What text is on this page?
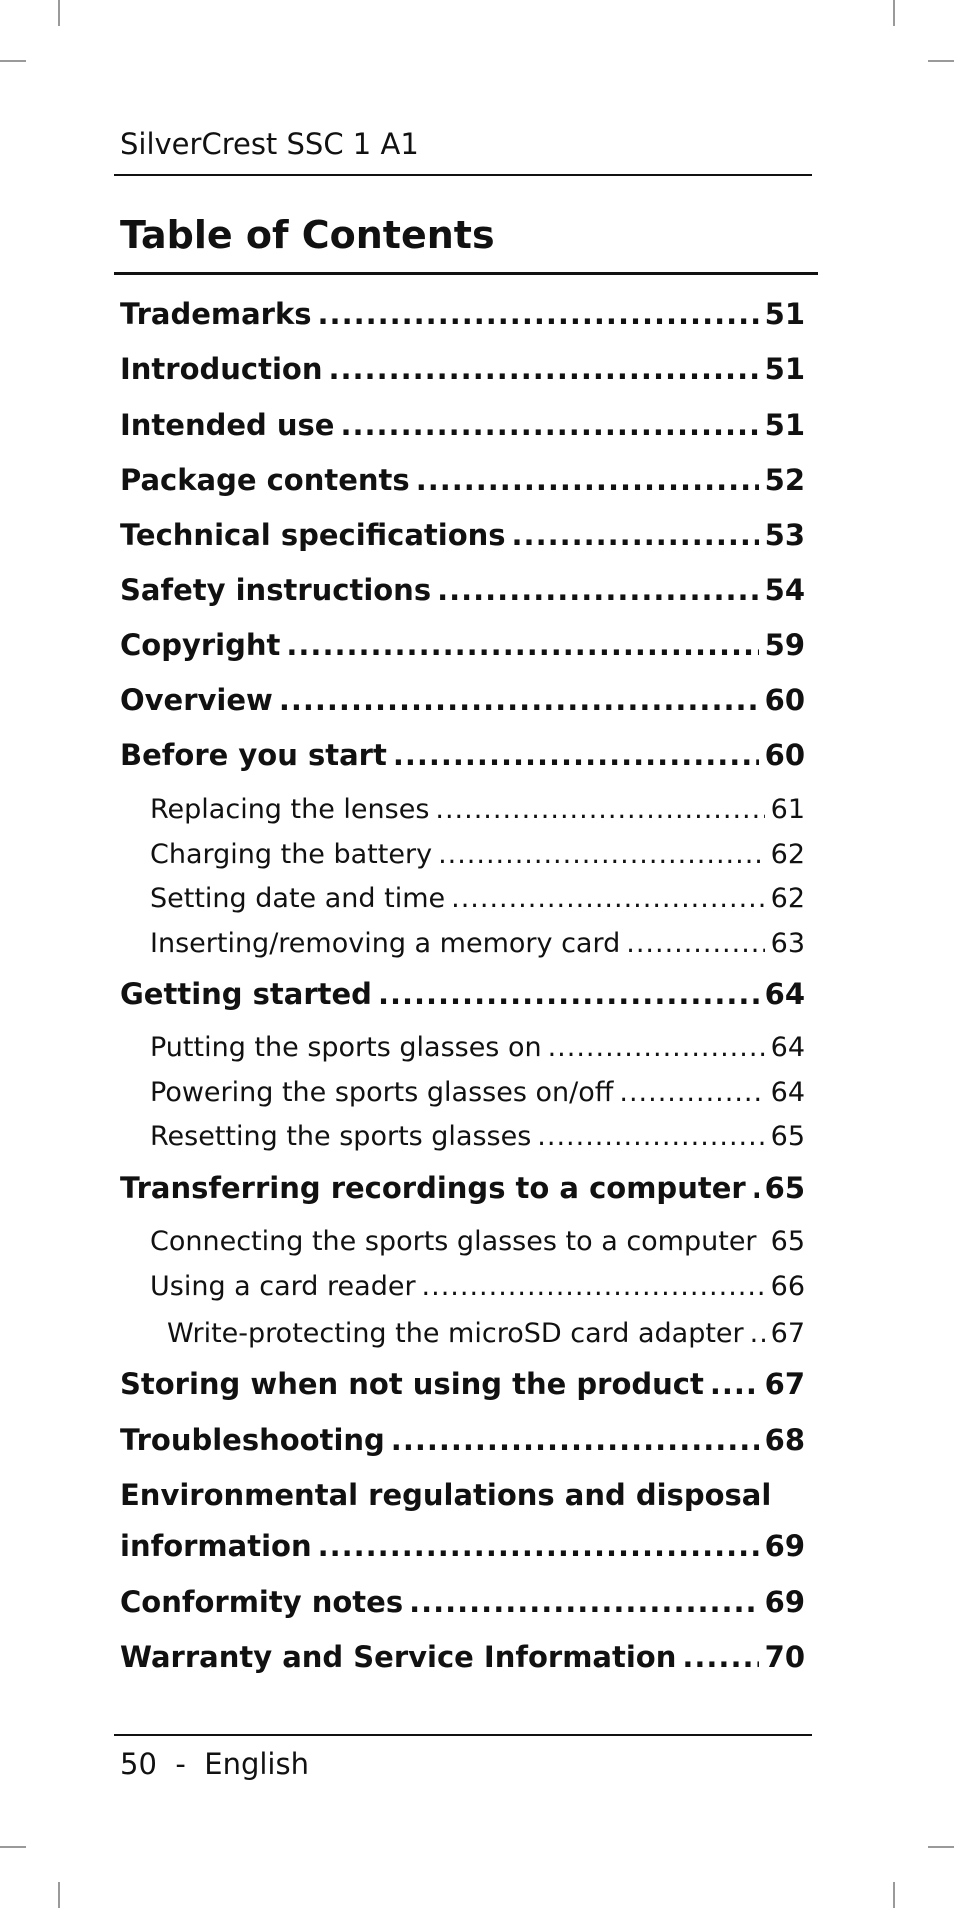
SilverCrest SSC 1 A1
Table of Contents
Trademarks .....	51
Introduction .....	51
Intended use .....	51
Package contents .....	52
Technical specifications .....	53
Safety instructions .....	54
Copyright .....	59
Overview .....	60
Before you start .....	60
Replacing the lenses .....	61
Charging the battery .....	62
Setting date and time .....	62
Inserting/removing a memory card .....	63
Getting started .....	64
Putting the sports glasses on .....	64
Powering the sports glasses on/off .....	64
Resetting the sports glasses .....	65
Transferring recordings to a computer ..... 65
Connecting the sports glasses to a computer ..... 65
Using a card reader .....	66
Write-protecting the microSD card adapter ..... 67
Storing when not using the product ..... 67
Troubleshooting .....	68
Environmental regulations and disposal
information .....	69
Conformity notes .....	69
Warranty and Service Information .....	70
50 - English
